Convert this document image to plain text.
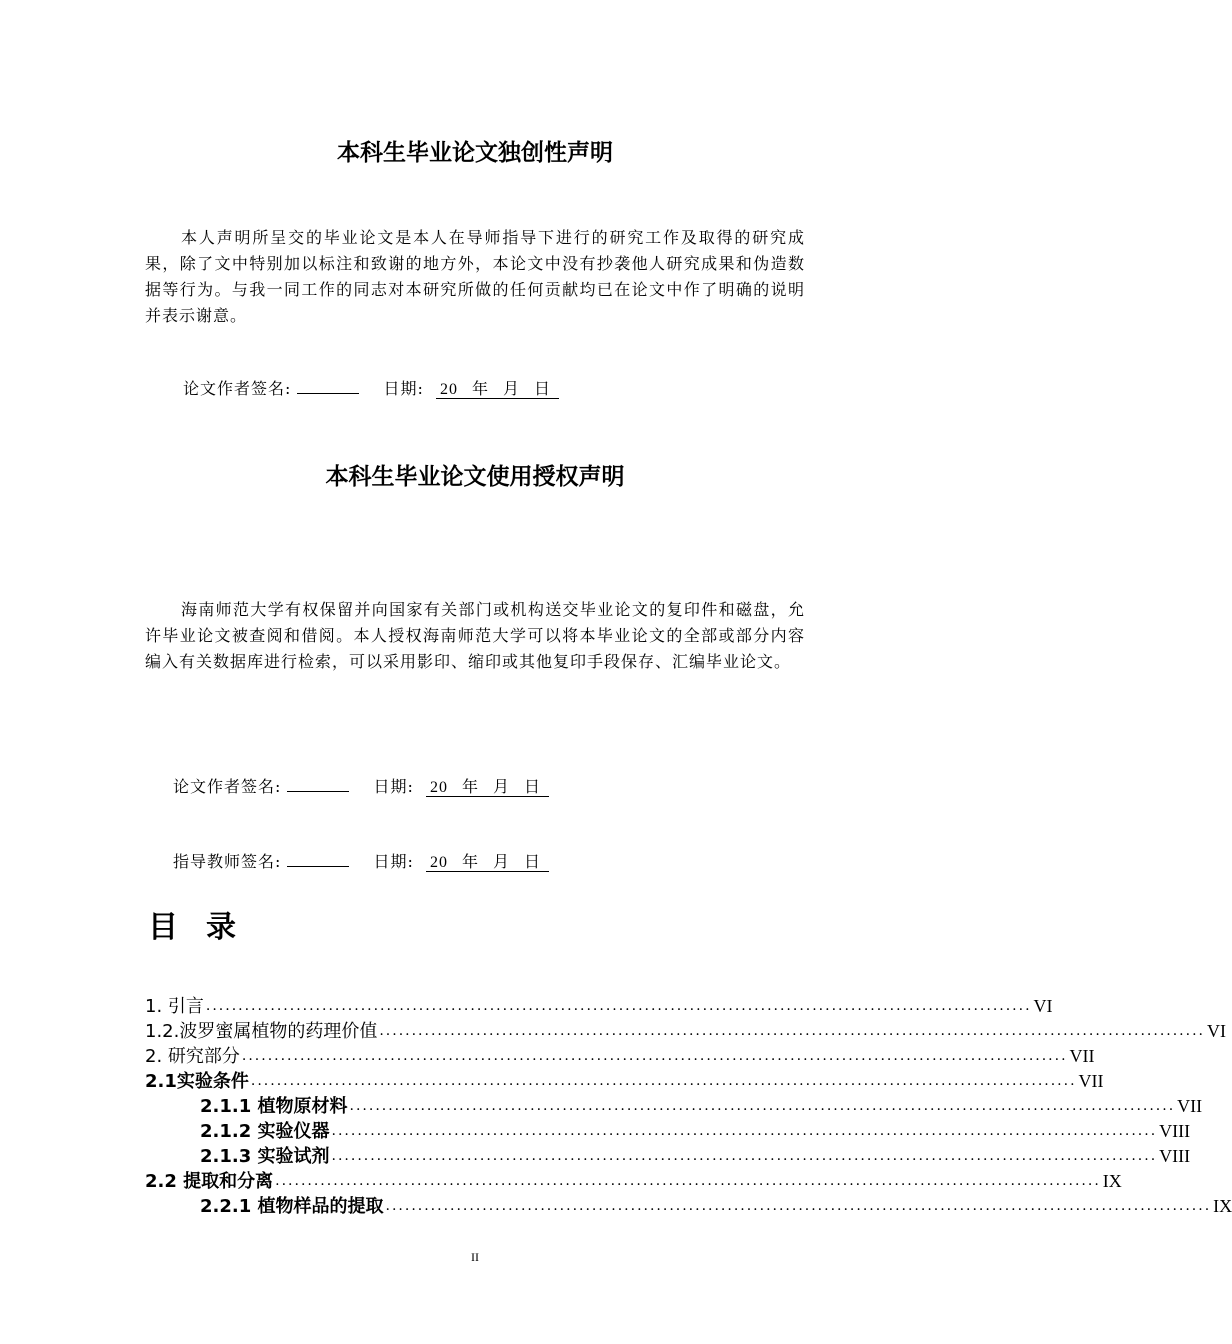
本科生毕业论文独创性声明
本人声明所呈交的毕业论文是本人在导师指导下进行的研究工作及取得的研究成果，除了文中特别加以标注和致谢的地方外，本论文中没有抄袭他人研究成果和伪造数据等行为。与我一同工作的同志对本研究所做的任何贡献均已在论文中作了明确的说明并表示谢意。
论文作者签名:	日期: 20 年 月 日
本科生毕业论文使用授权声明
海南师范大学有权保留并向国家有关部门或机构送交毕业论文的复印件和磁盘，允许毕业论文被查阅和借阅。本人授权海南师范大学可以将本毕业论文的全部或部分内容编入有关数据库进行检索，可以采用影印、缩印或其他复印手段保存、汇编毕业论文。
论文作者签名:	日期: 20 年 月 日
指导教师签名:	日期: 20 年 月 日
目录
1. 引言 ................................................................................................................................ VI
1.2.波罗蜜属植物的药理价值 ................................................................................................................................ VI
2. 研究部分 ................................................................................................................................ VII
2.1实验条件 ................................................................................................................................ VII
2.1.1 植物原材料 ................................................................................................................................ VII
2.1.2 实验仪器 ................................................................................................................................ VIII
2.1.3 实验试剂 ................................................................................................................................ VIII
2.2 提取和分离 ................................................................................................................................ IX
2.2.1 植物样品的提取 ................................................................................................................................ IX
II
